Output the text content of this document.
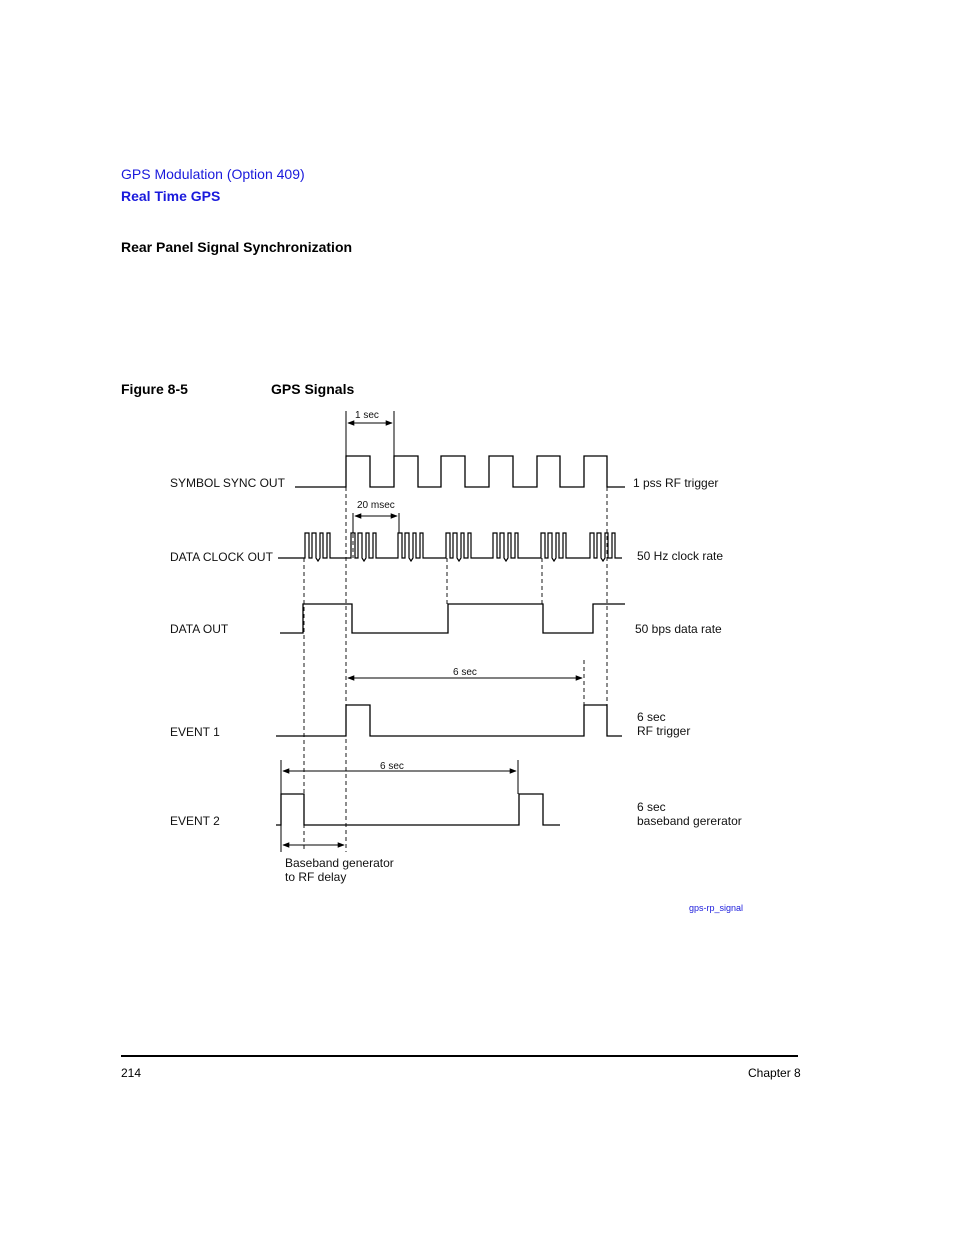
GPS Modulation (Option 409)
Real Time GPS
Rear Panel Signal Synchronization
Figure 8-5	GPS Signals
SYMBOL SYNC OUT
DATA CLOCK OUT
DATA OUT
EVENT 1
EVENT 2
1 pss RF trigger
50 Hz clock rate
50 bps data rate
6 sec
RF trigger
6 sec
baseband gererator
1 sec
20 msec
6 sec
6 sec
Baseband generator
to RF delay
gps-rp_signal
214	Chapter 8
